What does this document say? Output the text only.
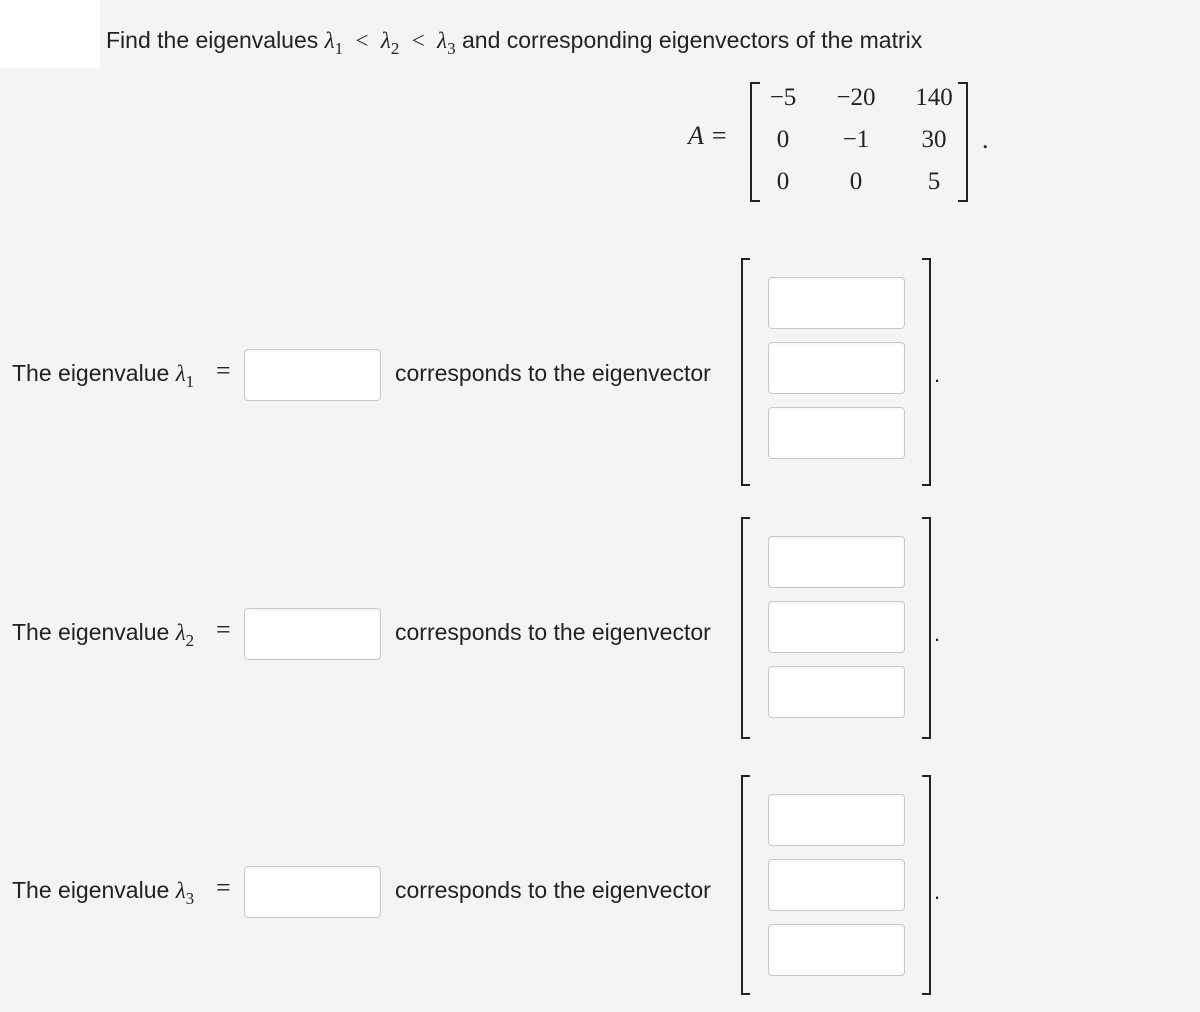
Find the eigenvalues $\lambda_1 < \lambda_2 < \lambda_3$ and corresponding eigenvectors of the matrix
A =
−5	−20	140
0	−1	30
0	0	5
.
The eigenvalue $\lambda_1$ =	corresponds to the eigenvector	.
The eigenvalue $\lambda_2$ =	corresponds to the eigenvector	.
The eigenvalue $\lambda_3$ =	corresponds to the eigenvector	.
